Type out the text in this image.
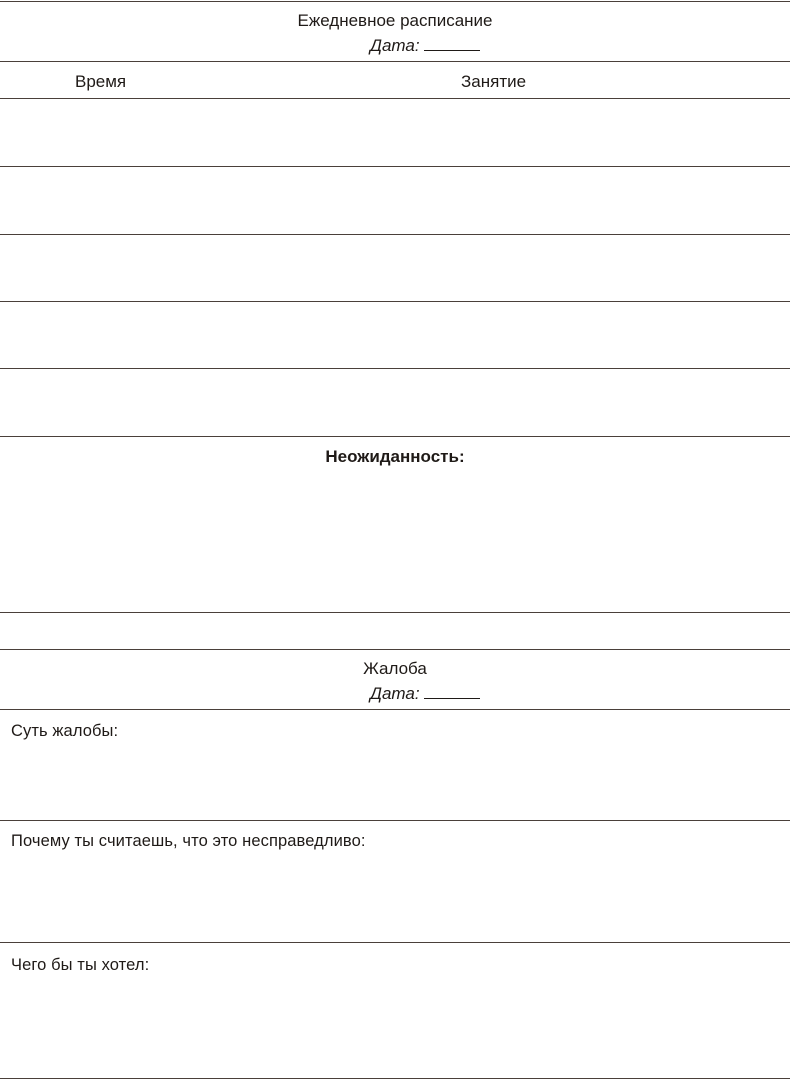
Ежедневное расписание
Дата:
Время	Занятие
Неожиданность:
Жалоба
Дата:
Суть жалобы:
Почему ты считаешь, что это несправедливо:
Чего бы ты хотел:
